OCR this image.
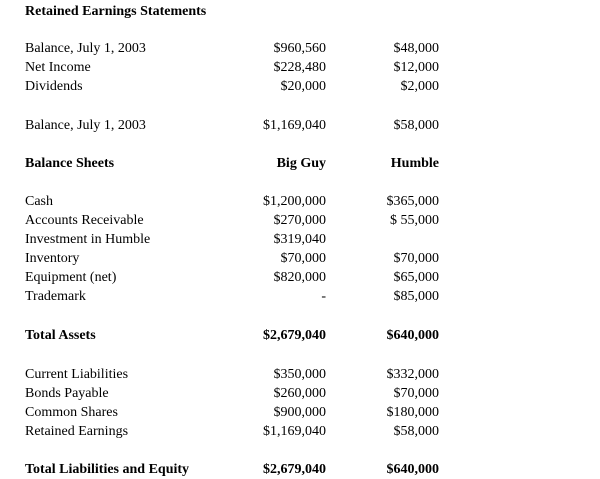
Retained Earnings Statements
Balance, July 1, 2003	$960,560	$48,000
Net Income	$228,480	$12,000
Dividends	$20,000	$2,000
Balance, July 1, 2003	$1,169,040	$58,000
Balance Sheets	Big Guy	Humble
Cash	$1,200,000	$365,000
Accounts Receivable	$270,000	$ 55,000
Investment in Humble	$319,040
Inventory	$70,000	$70,000
Equipment (net)	$820,000	$65,000
Trademark	-	$85,000
Total Assets	$2,679,040	$640,000
Current Liabilities	$350,000	$332,000
Bonds Payable	$260,000	$70,000
Common Shares	$900,000	$180,000
Retained Earnings	$1,169,040	$58,000
Total Liabilities and Equity	$2,679,040	$640,000
